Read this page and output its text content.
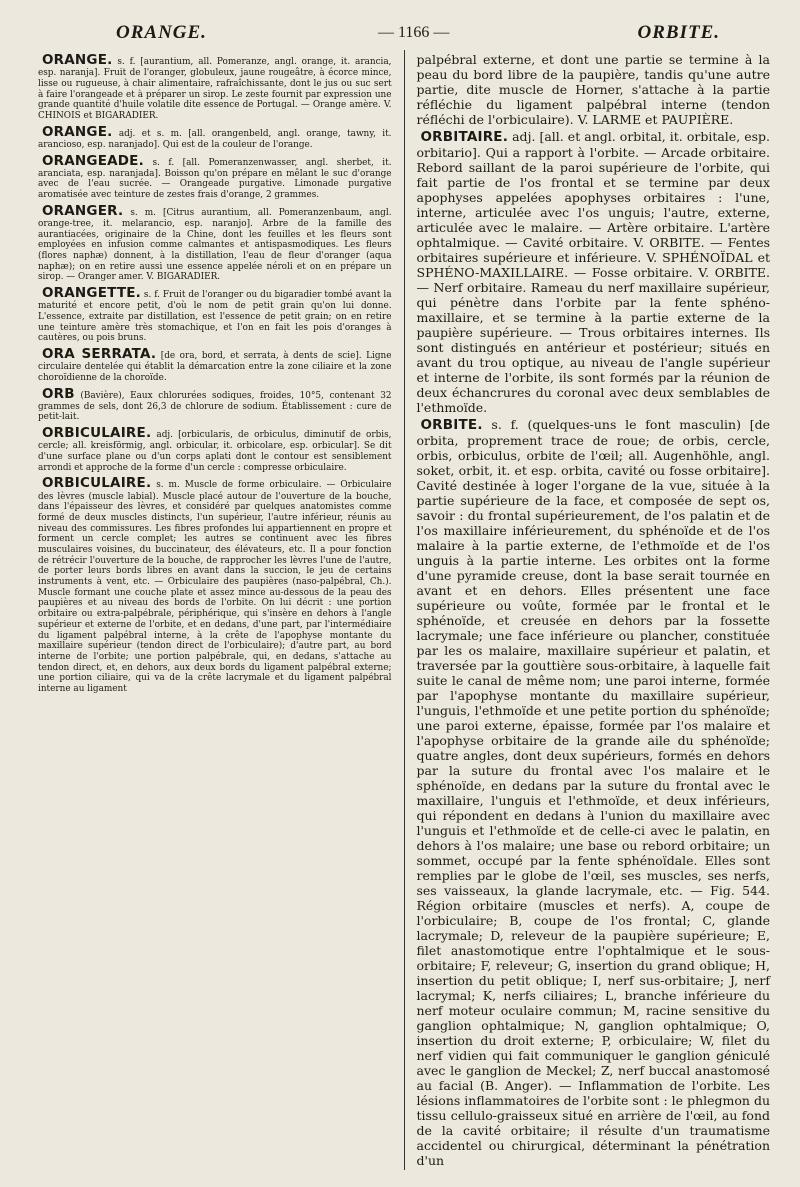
ORANGE.	— 1166 —	ORBITE.

ORANGE. s. f. [aurantium, all. Pomeranze, angl. orange, it. arancia, esp. naranja]. Fruit de l'oranger, globuleux, jaune rougeâtre, à écorce mince, lisse ou rugueuse, à chair alimentaire, rafraîchissante, dont le jus ou suc sert à faire l'orangeade et à préparer un sirop. Le zeste fournit par expression une grande quantité d'huile volatile dite essence de Portugal. — Orange amère. V. CHINOIS et BIGARADIER.

ORANGE. adj. et s. m. [all. orangenbeld, angl. orange, tawny, it. arancioso, esp. naranjado]. Qui est de la couleur de l'orange.

ORANGEADE. s. f. [all. Pomeranzenwasser, angl. sherbet, it. aranciata, esp. naranjada]. Boisson qu'on prépare en mêlant le suc d'orange avec de l'eau sucrée. — Orangeade purgative. Limonade purgative aromatisée avec teinture de zestes frais d'orange, 2 grammes.

ORANGER. s. m. [Citrus aurantium, all. Pomeranzenbaum, angl. orange-tree, it. melarancio, esp. naranjo]. Arbre de la famille des aurantiacées, originaire de la Chine, dont les feuilles et les fleurs sont employées en infusion comme calmantes et antispasmodiques. Les fleurs (flores naphæ) donnent, à la distillation, l'eau de fleur d'oranger (aqua naphæ); on en retire aussi une essence appelée néroli et on en prépare un sirop. — Oranger amer. V. BIGARADIER.

ORANGETTE. s. f. Fruit de l'oranger ou du bigaradier tombé avant la maturité et encore petit, d'où le nom de petit grain qu'on lui donne. L'essence, extraite par distillation, est l'essence de petit grain; on en retire une teinture amère très stomachique, et l'on en fait les pois d'oranges à cautères, ou pois bruns.

ORA SERRATA. [de ora, bord, et serrata, à dents de scie]. Ligne circulaire dentelée qui établit la démarcation entre la zone ciliaire et la zone choroïdienne de la choroïde.

ORB (Bavière), Eaux chlorurées sodiques, froides, 10°5, contenant 32 grammes de sels, dont 26,3 de chlorure de sodium. Établissement : cure de petit-lait.

ORBICULAIRE. adj. [orbicularis, de orbiculus, diminutif de orbis, cercle; all. kreisförmig, angl. orbicular, it. orbicolare, esp. orbicular]. Se dit d'une surface plane ou d'un corps aplati dont le contour est sensiblement arrondi et approche de la forme d'un cercle : compresse orbiculaire.

ORBICULAIRE. s. m. Muscle de forme orbiculaire. — Orbiculaire des lèvres (muscle labial). Muscle placé autour de l'ouverture de la bouche, dans l'épaisseur des lèvres, et considéré par quelques anatomistes comme formé de deux muscles distincts, l'un supérieur, l'autre inférieur, réunis au niveau des commissures. Les fibres profondes lui appartiennent en propre et forment un cercle complet; les autres se continuent avec les fibres musculaires voisines, du buccinateur, des élévateurs, etc. Il a pour fonction de rétrécir l'ouverture de la bouche, de rapprocher les lèvres l'une de l'autre, de porter leurs bords libres en avant dans la succion, le jeu de certains instruments à vent, etc. — Orbiculaire des paupières (naso-palpébral, Ch.). Muscle formant une couche plate et assez mince au-dessous de la peau des paupières et au niveau des bords de l'orbite. On lui décrit : une portion orbitaire ou extra-palpébrale, périphérique, qui s'insère en dehors à l'angle supérieur et externe de l'orbite, et en dedans, d'une part, par l'intermédiaire du ligament palpébral interne, à la crête de l'apophyse montante du maxillaire supérieur (tendon direct de l'orbiculaire); d'autre part, au bord interne de l'orbite; une portion palpébrale, qui, en dedans, s'attache au tendon direct, et, en dehors, aux deux bords du ligament palpébral externe; une portion ciliaire, qui va de la crête lacrymale et du ligament palpébral interne au ligament

palpébral externe, et dont une partie se termine à la peau du bord libre de la paupière, tandis qu'une autre partie, dite muscle de Horner, s'attache à la partie réfléchie du ligament palpébral interne (tendon réfléchi de l'orbiculaire). V. LARME et PAUPIÈRE.

ORBITAIRE. adj. [all. et angl. orbital, it. orbitale, esp. orbitario]. Qui a rapport à l'orbite. — Arcade orbitaire. Rebord saillant de la paroi supérieure de l'orbite, qui fait partie de l'os frontal et se termine par deux apophyses appelées apophyses orbitaires : l'une, interne, articulée avec l'os unguis; l'autre, externe, articulée avec le malaire. — Artère orbitaire. L'artère ophtalmique. — Cavité orbitaire. V. ORBITE. — Fentes orbitaires supérieure et inférieure. V. SPHÉNOÏDAL et SPHÉNO-MAXILLAIRE. — Fosse orbitaire. V. ORBITE. — Nerf orbitaire. Rameau du nerf maxillaire supérieur, qui pénètre dans l'orbite par la fente sphéno-maxillaire, et se termine à la partie externe de la paupière supérieure. — Trous orbitaires internes. Ils sont distingués en antérieur et postérieur; situés en avant du trou optique, au niveau de l'angle supérieur et interne de l'orbite, ils sont formés par la réunion de deux échancrures du coronal avec deux semblables de l'ethmoïde.

ORBITE. s. f. (quelques-uns le font masculin) [de orbita, proprement trace de roue; de orbis, cercle, orbis, orbiculus, orbite de l'œil; all. Augenhöhle, angl. soket, orbit, it. et esp. orbita, cavité ou fosse orbitaire]. Cavité destinée à loger l'organe de la vue, située à la partie supérieure de la face, et composée de sept os, savoir : du frontal supérieurement, de l'os palatin et de l'os maxillaire inférieurement, du sphénoïde et de l'os malaire à la partie externe, de l'ethmoïde et de l'os unguis à la partie interne. Les orbites ont la forme d'une pyramide creuse, dont la base serait tournée en avant et en dehors. Elles présentent une face supérieure ou voûte, formée par le frontal et le sphénoïde, et creusée en dehors par la fossette lacrymale; une face inférieure ou plancher, constituée par les os malaire, maxillaire supérieur et palatin, et traversée par la gouttière sous-orbitaire, à laquelle fait suite le canal de même nom; une paroi interne, formée par l'apophyse montante du maxillaire supérieur, l'unguis, l'ethmoïde et une petite portion du sphénoïde; une paroi externe, épaisse, formée par l'os malaire et l'apophyse orbitaire de la grande aile du sphénoïde; quatre angles, dont deux supérieurs, formés en dehors par la suture du frontal avec l'os malaire et le sphénoïde, en dedans par la suture du frontal avec le maxillaire, l'unguis et l'ethmoïde, et deux inférieurs, qui répondent en dedans à l'union du maxillaire avec l'unguis et l'ethmoïde et de celle-ci avec le palatin, en dehors à l'os malaire; une base ou rebord orbitaire; un sommet, occupé par la fente sphénoïdale. Elles sont remplies par le globe de l'œil, ses muscles, ses nerfs, ses vaisseaux, la glande lacrymale, etc. — Fig. 544. Région orbitaire (muscles et nerfs). A, coupe de l'orbiculaire; B, coupe de l'os frontal; C, glande lacrymale; D, releveur de la paupière supérieure; E, filet anastomotique entre l'ophtalmique et le sous-orbitaire; F, releveur; G, insertion du grand oblique; H, insertion du petit oblique; I, nerf sus-orbitaire; J, nerf lacrymal; K, nerfs ciliaires; L, branche inférieure du nerf moteur oculaire commun; M, racine sensitive du ganglion ophtalmique; N, ganglion ophtalmique; O, insertion du droit externe; P, orbiculaire; W, filet du nerf vidien qui fait communiquer le ganglion géniculé avec le ganglion de Meckel; Z, nerf buccal anastomosé au facial (B. Anger). — Inflammation de l'orbite. Les lésions inflammatoires de l'orbite sont : le phlegmon du tissu cellulo-graisseux situé en arrière de l'œil, au fond de la cavité orbitaire; il résulte d'un traumatisme accidentel ou chirurgical, déterminant la pénétration d'un
